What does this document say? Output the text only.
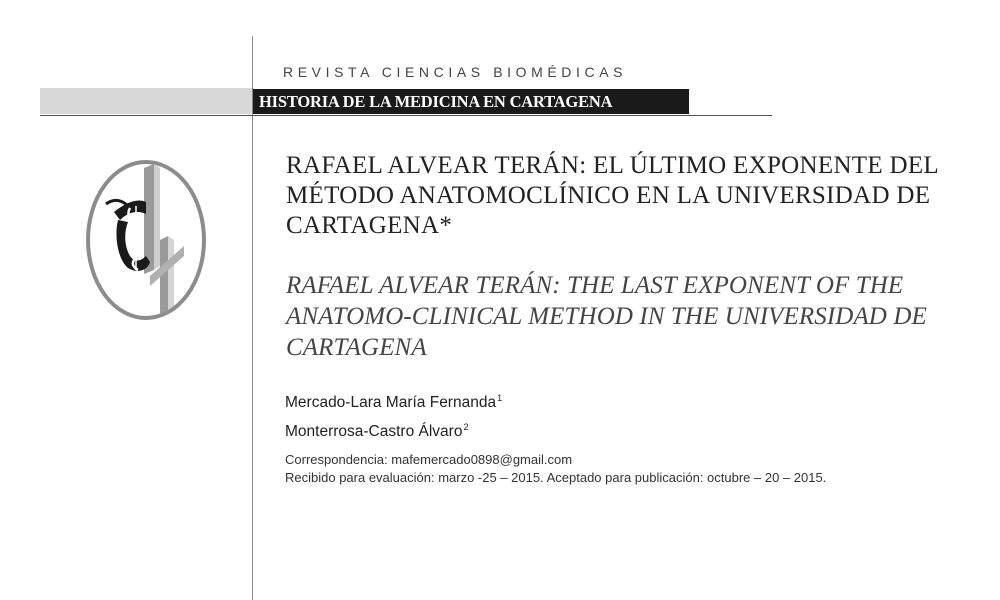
REVISTA CIENCIAS BIOMÉDICAS
HISTORIA DE LA MEDICINA EN CARTAGENA
RAFAEL ALVEAR TERÁN: EL ÚLTIMO EXPONENTE DEL
MÉTODO ANATOMOCLÍNICO EN LA UNIVERSIDAD DE
CARTAGENA*
RAFAEL ALVEAR TERÁN: THE LAST EXPONENT OF THE
ANATOMO-CLINICAL METHOD IN THE UNIVERSIDAD DE
CARTAGENA
Mercado-Lara María Fernanda$^1$
Monterrosa-Castro Álvaro$^2$
Correspondencia: mafemercado0898@gmail.com
Recibido para evaluación: marzo -25 – 2015. Aceptado para publicación: octubre – 20 – 2015.
